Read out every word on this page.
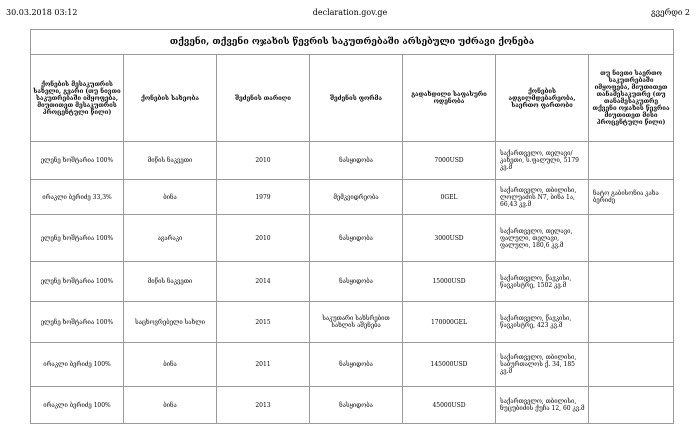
30.03.2018 03:12	declaration.gov.ge	გვერდი 2
თქვენი, თქვენი ოჯახის წევრის საკუთრებაში არსებული უძრავი ქონება						
ქონების მესაკუთრის სახელი, გვარი (თუ ნივთი საკუთრებაში იმყოფება, მიუთითეთ მესაკუთრის პროცენტული წილი)	ქონების სახეობა	შეძენის თარიღი	შეძენის ფორმა	გადახდილი საფასური ოდენობა	ქონების ადგილმდებარეობა, საერთო ფართობი	თუ ნივთი საერთო საკუთრებაში იმყოფება, მიუთითეთ თანამესაკუთრე (თუ თანამესაკუთრე თქვენი ოჯახის წევრია მიუთითეთ მისი პროცენტული წილი)
ელენე ხოშტარია 100%	მიწის ნაკვეთი	2010	ნასყიდობა	7000USD	საქართველო, თელავი/კახეთი, ს.ფალული, 5179 კვ.მ	
ირაკლი ბერიძე 33,3%	ბინა	1979	მემკვიდრეობა	0GEL	საქართველო, თბილისი, ლოლუაძის N7, ბინა 1ა, 66,43 კვ.მ	ნატო გაბისონია კახა ბერიძე
ელენე ხოშტარია 100%	აგარაკი	2010	ნასყიდობა	3000USD	საქართველო, თელავი, ფალული, თელავი, ფალული, 180,6 კვ.მ	
ელენე ხოშტარია 100%	მიწის ნაკვეთი	2014	ნასყიდობა	15000USD	საქართველო, წავკისი, წავკისტრე, 1502 კვ.მ	
ელენე ხოშტარია 100%	საცხოვრებელი სახლი	2015	საკუთარი სახსრებით სახლის აშენება	170000GEL	საქართველო, წავკისი, წავკისტრე, 423 კვ.მ	
ირაკლი ბერიძე 100%	ბინა	2011	ნასყიდობა	145000USD	საქართველო, თბილისი, საბურთალოს ქ. 34, 185 კვ.მ	
ირაკლი ბერიძე 100%	ბინა	2013	ნასყიდობა	45000USD	საქართველო, თბილისი, ნუცუბიძის ქუჩა 12, 60 კვ.მ	
